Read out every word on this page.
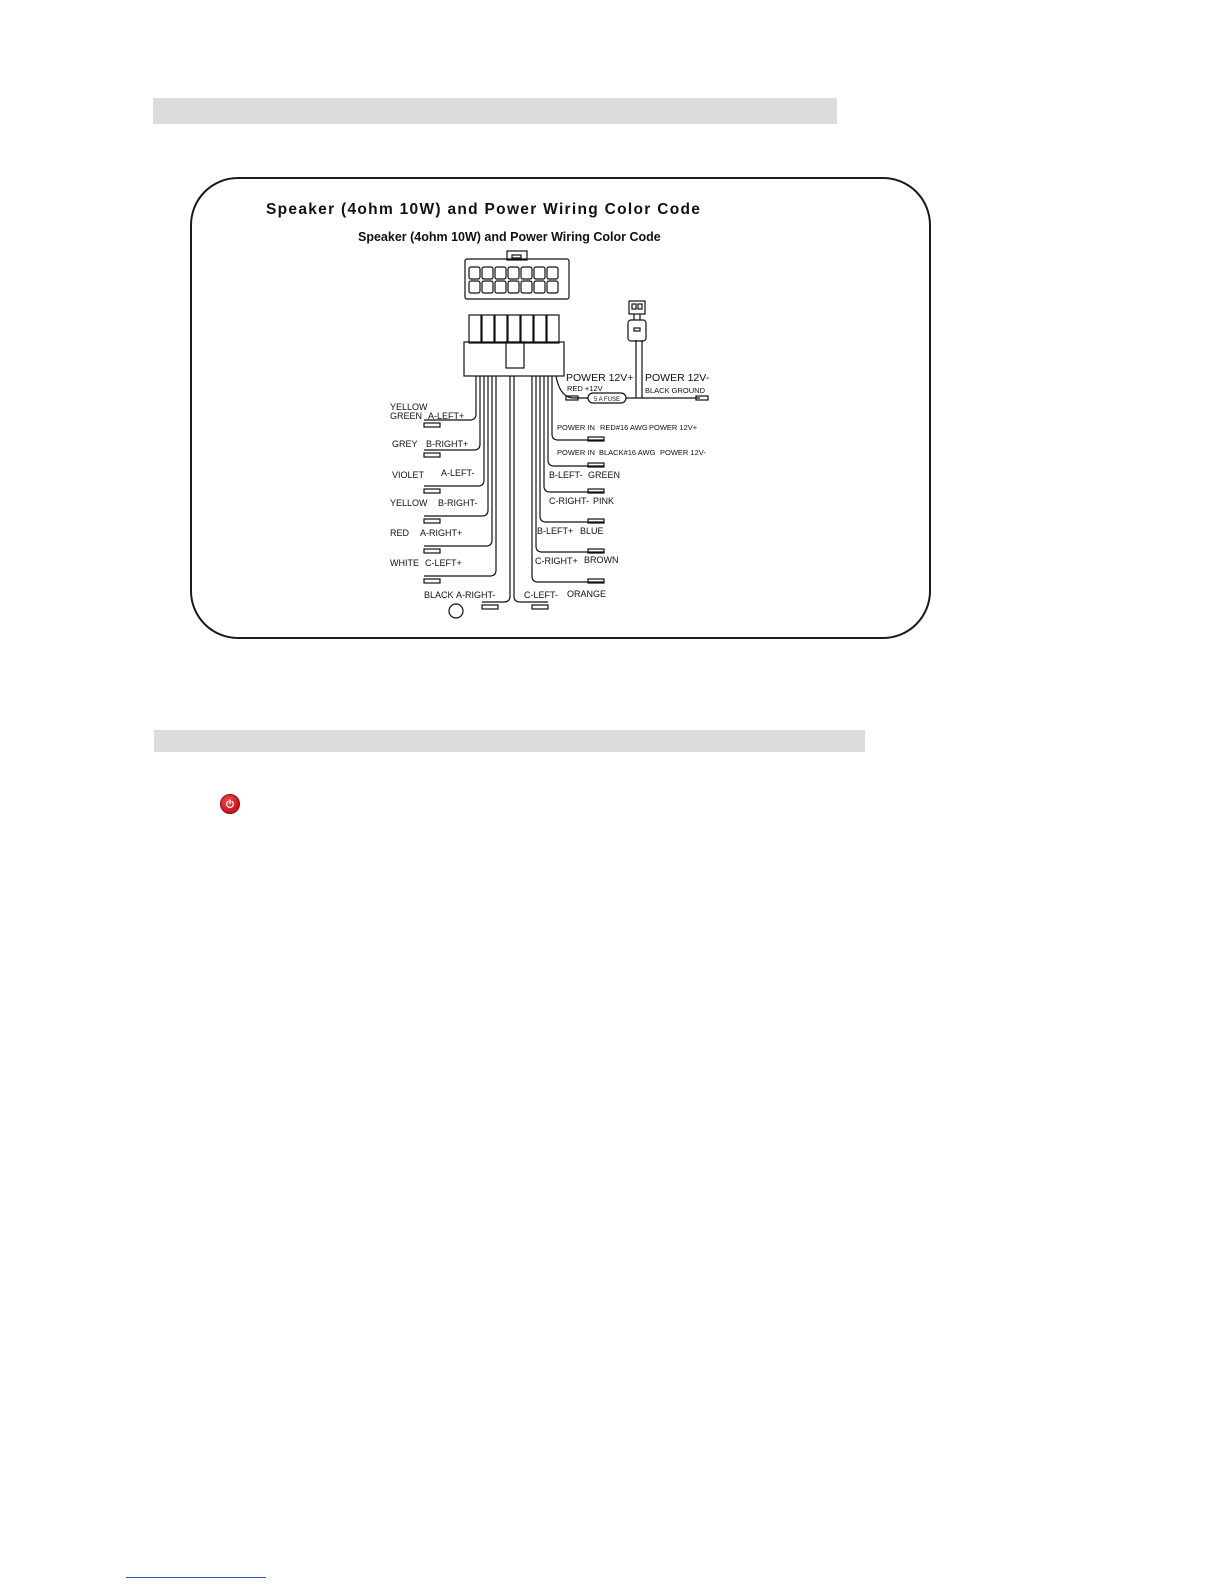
Speaker (4ohm 10W) and Power Wiring Color Code
Speaker (4ohm 10W) and Power Wiring Color Code
YELLOW
GREEN A-LEFT+
GREY B-RIGHT+
VIOLET A-LEFT-
YELLOW B-RIGHT-
RED A-RIGHT+
WHITE C-LEFT+
BLACK A-RIGHT-
POWER IN RED#16 AWG POWER 12V+
POWER IN BLACK#16 AWG POWER 12V-
B-LEFT- GREEN
C-RIGHT- PINK
B-LEFT+ BLUE
C-RIGHT+ BROWN
C-LEFT- ORANGE
POWER 12V+ POWER 12V-
RED +12V	BLACK GROUND
5 A FUSE
